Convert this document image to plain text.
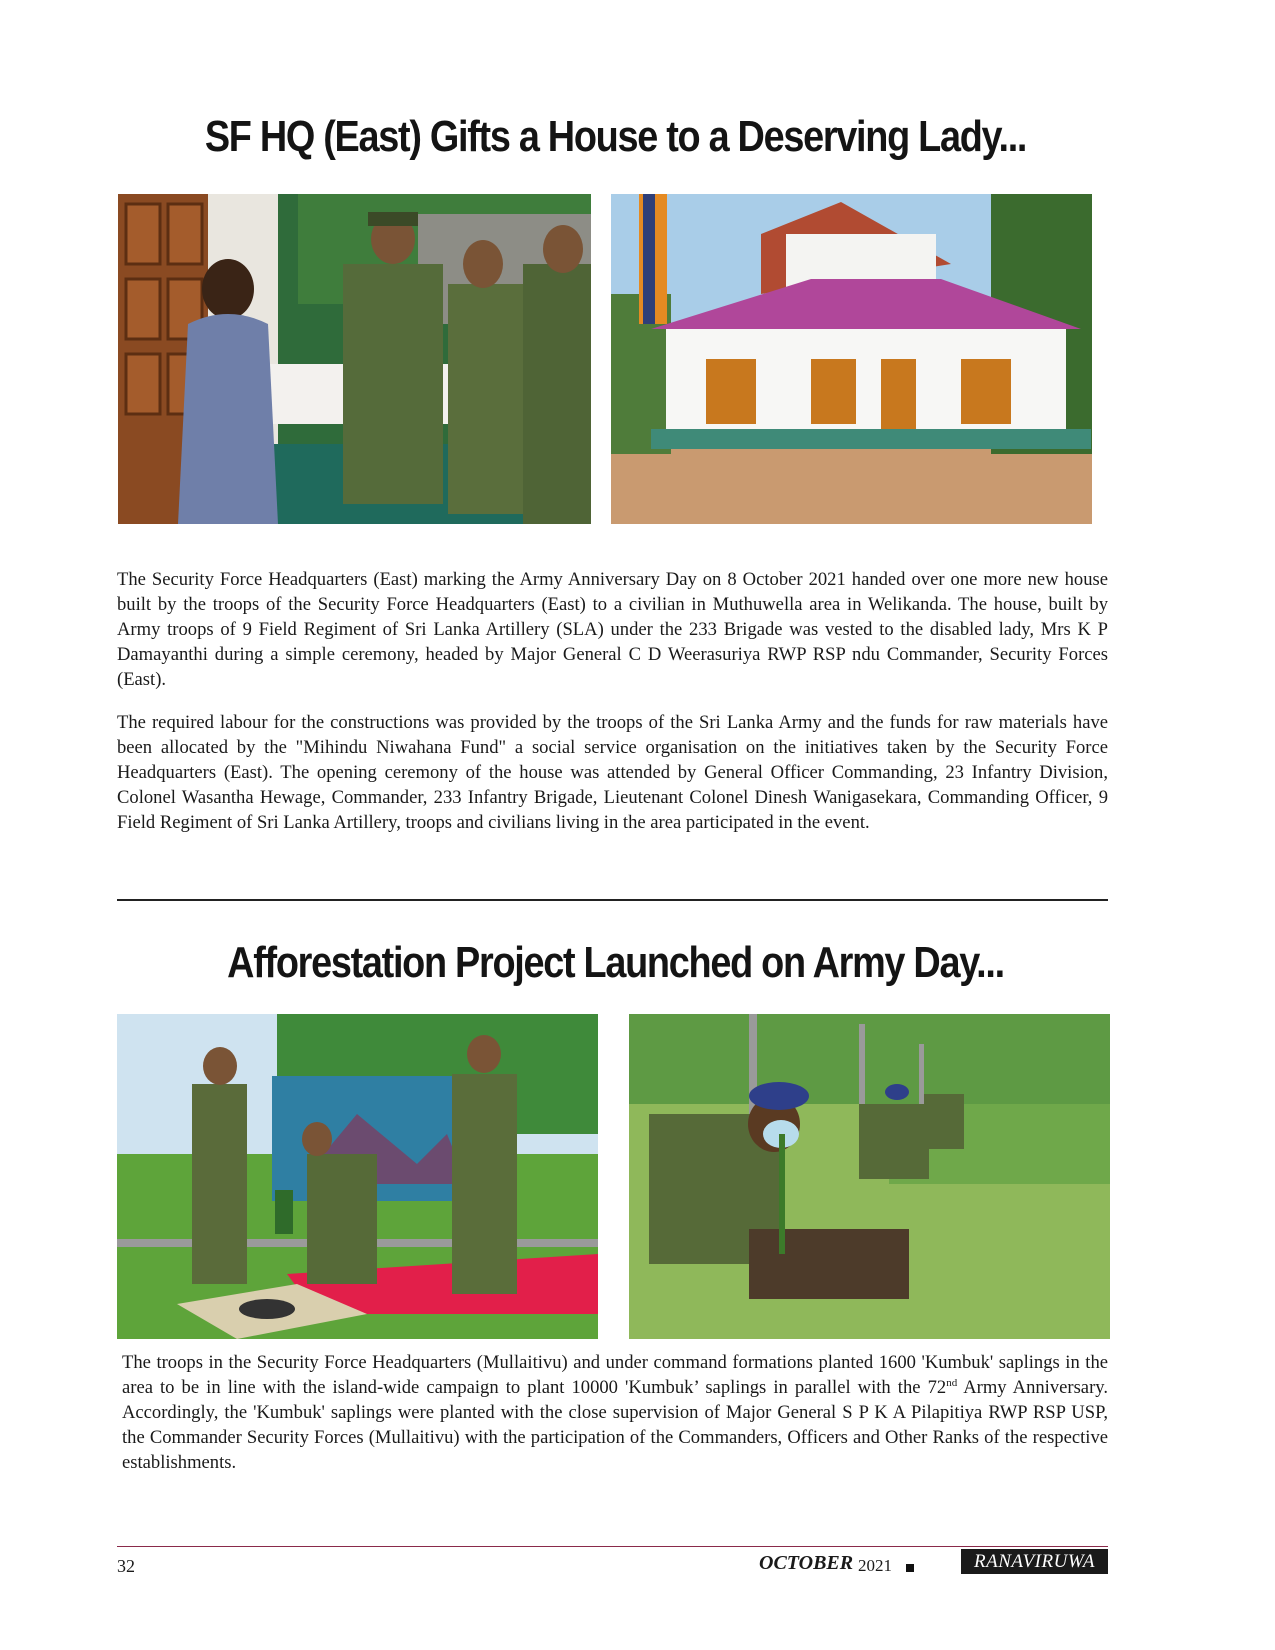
SF HQ (East) Gifts a House to a Deserving Lady...

The Security Force Headquarters (East) marking the Army Anniversary Day on 8 October 2021 handed over one more new house built by the troops of the Security Force Headquarters (East) to a civilian in Muthuwella area in Welikanda. The house, built by Army troops of 9 Field Regiment of Sri Lanka Artillery (SLA) under the 233 Brigade was vested to the disabled lady, Mrs K P Damayanthi during a simple ceremony, headed by Major General C D Weerasuriya RWP RSP ndu Commander, Security Forces (East).

The required labour for the constructions was provided by the troops of the Sri Lanka Army and the funds for raw materials have been allocated by the "Mihindu Niwahana Fund" a social service organisation on the initiatives taken by the Security Force Headquarters (East). The opening ceremony of the house was attended by General Officer Commanding, 23 Infantry Division, Colonel Wasantha Hewage, Commander, 233 Infantry Brigade, Lieutenant Colonel Dinesh Wanigasekara, Commanding Officer, 9 Field Regiment of Sri Lanka Artillery, troops and civilians living in the area participated in the event.

Afforestation Project Launched on Army Day...

The troops in the Security Force Headquarters (Mullaitivu) and under command formations planted 1600 'Kumbuk' saplings in the area to be in line with the island-wide campaign to plant 10000 'Kumbuk’ saplings in parallel with the 72nd Army Anniversary. Accordingly, the 'Kumbuk' saplings were planted with the close supervision of Major General S P K A Pilapitiya RWP RSP USP, the Commander Security Forces (Mullaitivu) with the participation of the Commanders, Officers and Other Ranks of the respective establishments.

32	OCTOBER 2021	RANAVIRUWA
